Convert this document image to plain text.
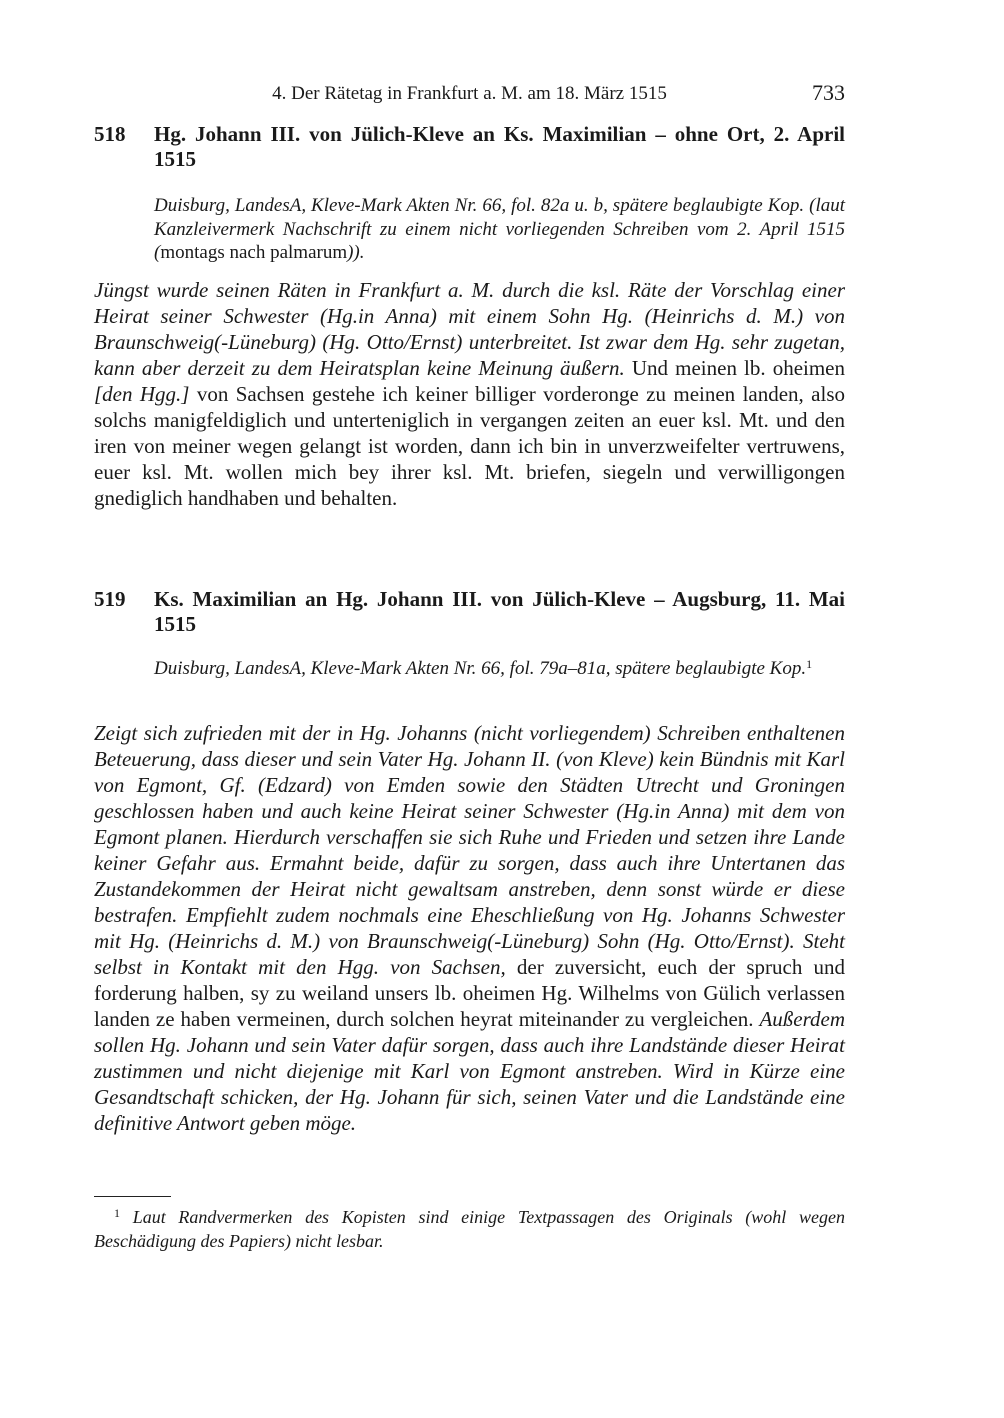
4. Der Rätetag in Frankfurt a. M. am 18. März 1515	733
518	Hg. Johann III. von Jülich-Kleve an Ks. Maximilian – ohne Ort, 2. April 1515
Duisburg, LandesA, Kleve-Mark Akten Nr. 66, fol. 82a u. b, spätere beglaubigte Kop. (laut Kanzleivermerk Nachschrift zu einem nicht vorliegenden Schreiben vom 2. April 1515 (montags nach palmarum)).
Jüngst wurde seinen Räten in Frankfurt a. M. durch die ksl. Räte der Vorschlag einer Heirat seiner Schwester (Hg.in Anna) mit einem Sohn Hg. (Heinrichs d. M.) von Braunschweig(-Lüneburg) (Hg. Otto/Ernst) unterbreitet. Ist zwar dem Hg. sehr zugetan, kann aber derzeit zu dem Heiratsplan keine Meinung äußern. Und meinen lb. oheimen [den Hgg.] von Sachsen gestehe ich keiner billiger vorderonge zu meinen landen, also solchs manigfeldiglich und unterteniglich in vergangen zeiten an euer ksl. Mt. und den iren von meiner wegen gelangt ist worden, dann ich bin in unverzweifelter vertruwens, euer ksl. Mt. wollen mich bey ihrer ksl. Mt. briefen, siegeln und verwilligongen gnediglich handhaben und behalten.
519	Ks. Maximilian an Hg. Johann III. von Jülich-Kleve – Augsburg, 11. Mai 1515
Duisburg, LandesA, Kleve-Mark Akten Nr. 66, fol. 79a–81a, spätere beglaubigte Kop.$^1$
Zeigt sich zufrieden mit der in Hg. Johanns (nicht vorliegendem) Schreiben enthaltenen Beteuerung, dass dieser und sein Vater Hg. Johann II. (von Kleve) kein Bündnis mit Karl von Egmont, Gf. (Edzard) von Emden sowie den Städten Utrecht und Groningen geschlossen haben und auch keine Heirat seiner Schwester (Hg.in Anna) mit dem von Egmont planen. Hierdurch verschaffen sie sich Ruhe und Frieden und setzen ihre Lande keiner Gefahr aus. Ermahnt beide, dafür zu sorgen, dass auch ihre Untertanen das Zustandekommen der Heirat nicht gewaltsam anstreben, denn sonst würde er diese bestrafen. Empfiehlt zudem nochmals eine Eheschließung von Hg. Johanns Schwester mit Hg. (Heinrichs d. M.) von Braunschweig(-Lüneburg) Sohn (Hg. Otto/Ernst). Steht selbst in Kontakt mit den Hgg. von Sachsen, der zuversicht, euch der spruch und forderung halben, sy zu weiland unsers lb. oheimen Hg. Wilhelms von Gülich verlassen landen ze haben vermeinen, durch solchen heyrat miteinander zu vergleichen. Außerdem sollen Hg. Johann und sein Vater dafür sorgen, dass auch ihre Landstände dieser Heirat zustimmen und nicht diejenige mit Karl von Egmont anstreben. Wird in Kürze eine Gesandtschaft schicken, der Hg. Johann für sich, seinen Vater und die Landstände eine definitive Antwort geben möge.
$^1$ Laut Randvermerken des Kopisten sind einige Textpassagen des Originals (wohl wegen Beschädigung des Papiers) nicht lesbar.
